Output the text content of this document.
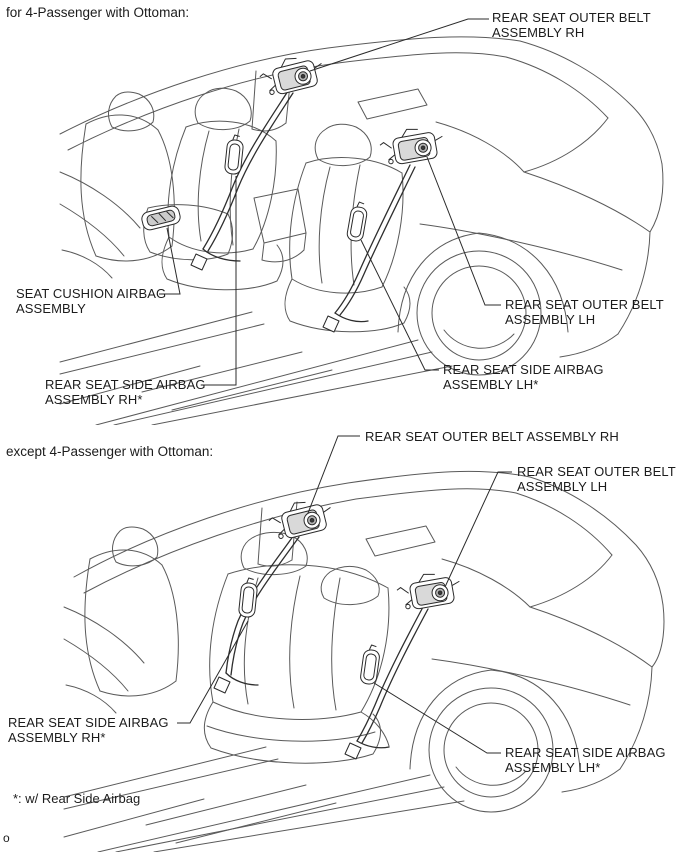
for 4-Passenger with Ottoman:	REAR SEAT OUTER BELT
ASSEMBLY RH
SEAT CUSHION AIRBAG
ASSEMBLY
REAR SEAT SIDE AIRBAG
ASSEMBLY RH*
REAR SEAT OUTER BELT
ASSEMBLY LH
REAR SEAT SIDE AIRBAG
ASSEMBLY LH*
except 4-Passenger with Ottoman:
REAR SEAT OUTER BELT ASSEMBLY RH
REAR SEAT OUTER BELT
ASSEMBLY LH
REAR SEAT SIDE AIRBAG
ASSEMBLY RH*
REAR SEAT SIDE AIRBAG
ASSEMBLY LH*
*: w/ Rear Side Airbag
o
